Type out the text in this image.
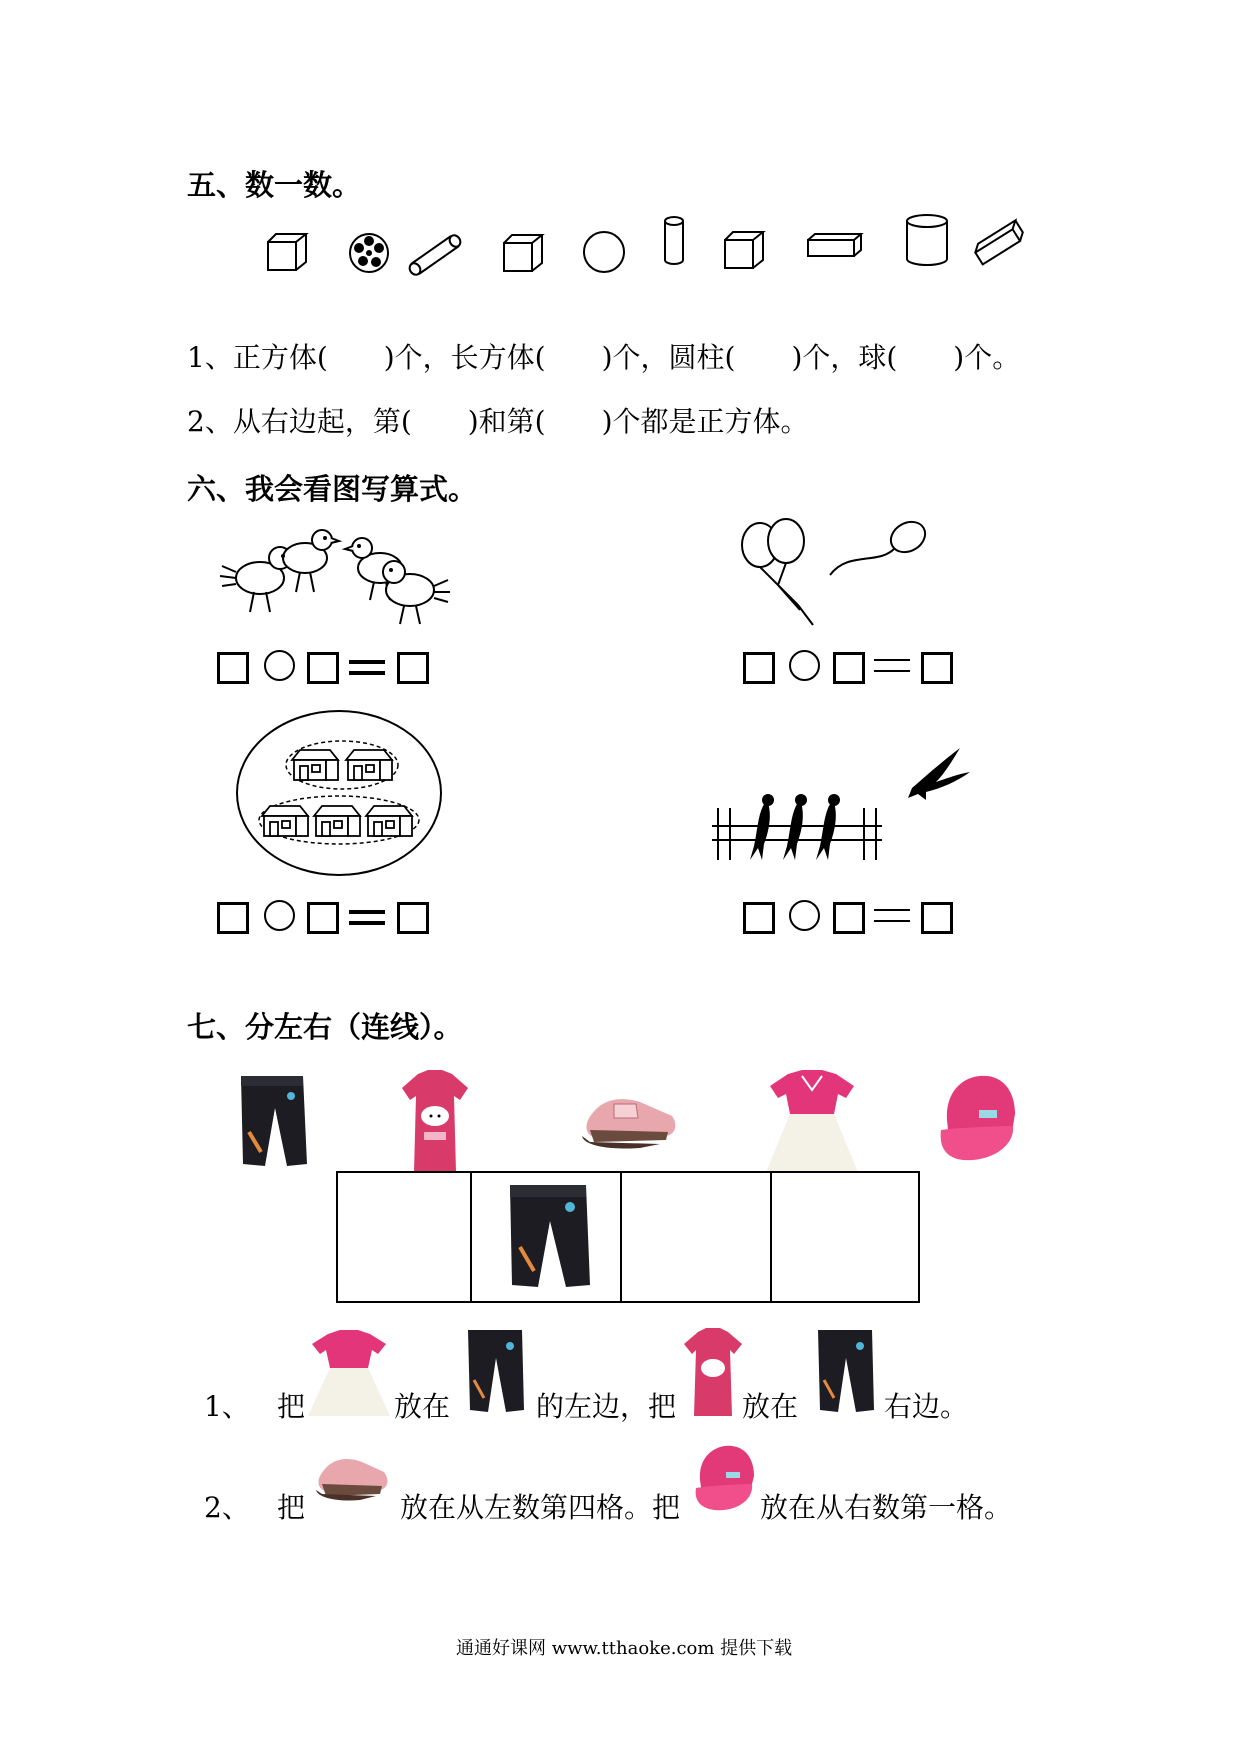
五、数一数。
1、正方体(　　)个，长方体(　　)个，圆柱(　　)个，球(　　)个。
2、从右边起，第(　　)和第(　　)个都是正方体。
六、我会看图写算式。
七、分左右（连线）。
1、 把	放在	的左边，把 放在	右边。
2、 把	放在从左数第四格。把	放在从右数第一格。
通通好课网 www.tthaoke.com 提供下载
